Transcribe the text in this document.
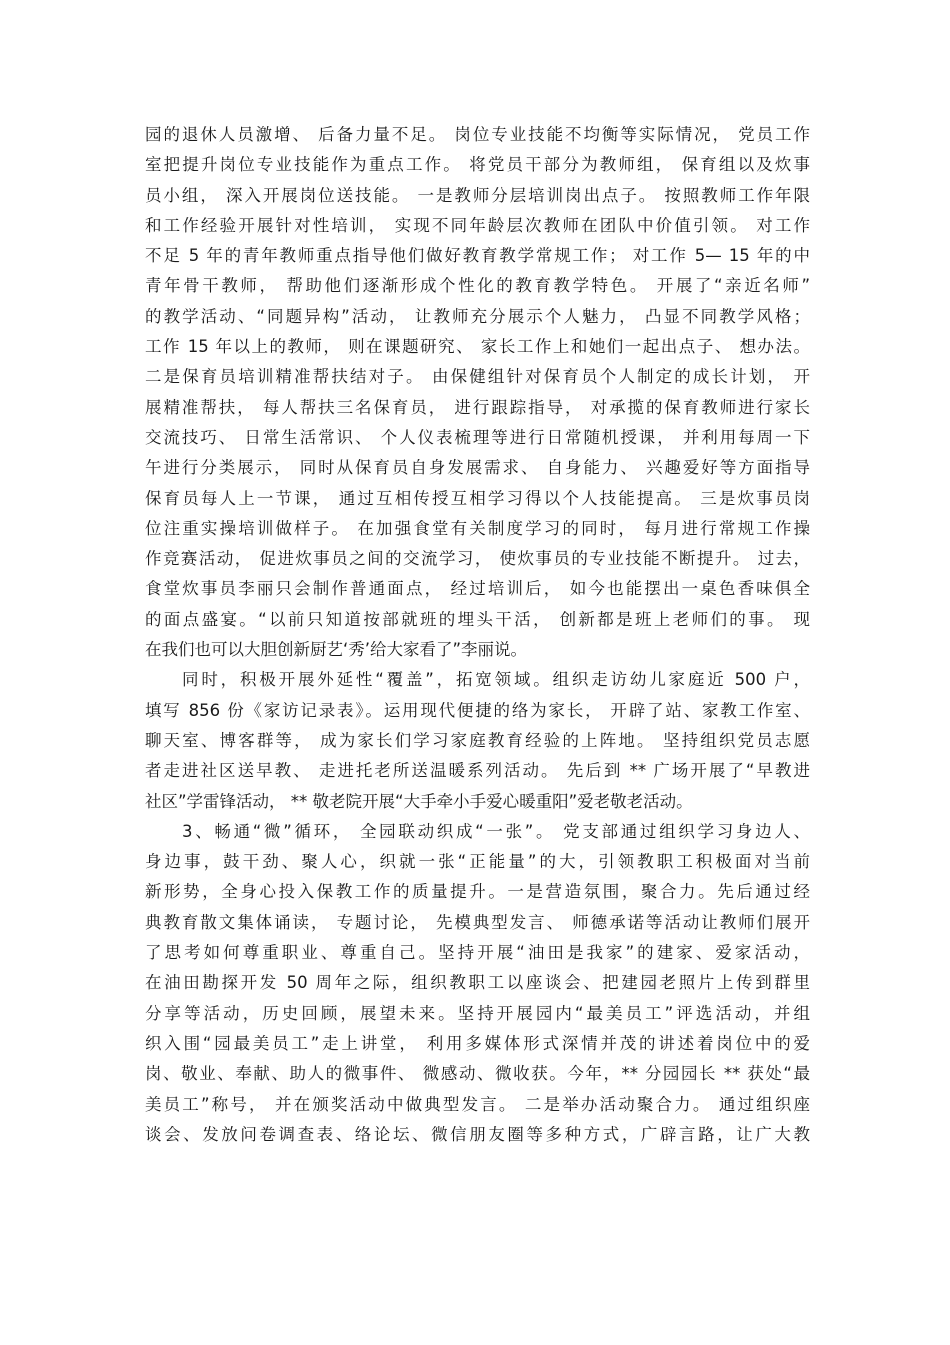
园的退休人员激增、 后备力量不足。 岗位专业技能不均衡等实际情况， 党员工作
室把提升岗位专业技能作为重点工作。 将党员干部分为教师组， 保育组以及炊事
员小组， 深入开展岗位送技能。 一是教师分层培训岗出点子。 按照教师工作年限
和工作经验开展针对性培训， 实现不同年龄层次教师在团队中价值引领。 对工作
不足 5 年的青年教师重点指导他们做好教育教学常规工作； 对工作 5— 15 年的中
青年骨干教师， 帮助他们逐渐形成个性化的教育教学特色。 开展了“亲近名师”
的教学活动、“同题异构”活动， 让教师充分展示个人魅力， 凸显不同教学风格；
工作 15 年以上的教师， 则在课题研究、 家长工作上和她们一起出点子、 想办法。
二是保育员培训精准帮扶结对子。 由保健组针对保育员个人制定的成长计划， 开
展精准帮扶， 每人帮扶三名保育员， 进行跟踪指导， 对承揽的保育教师进行家长
交流技巧、 日常生活常识、 个人仪表梳理等进行日常随机授课， 并利用每周一下
午进行分类展示， 同时从保育员自身发展需求、 自身能力、 兴趣爱好等方面指导
保育员每人上一节课， 通过互相传授互相学习得以个人技能提高。 三是炊事员岗
位注重实操培训做样子。 在加强食堂有关制度学习的同时， 每月进行常规工作操
作竞赛活动， 促进炊事员之间的交流学习， 使炊事员的专业技能不断提升。 过去，
食堂炊事员李丽只会制作普通面点， 经过培训后， 如今也能摆出一桌色香味俱全
的面点盛宴。“以前只知道按部就班的埋头干活， 创新都是班上老师们的事。 现
在我们也可以大胆创新厨艺‘秀’给大家看了”李丽说。
同时，积极开展外延性“覆盖”，拓宽领域。组织走访幼儿家庭近 500 户，
填写 856 份《家访记录表》。运用现代便捷的络为家长， 开辟了站、家教工作室、
聊天室、博客群等， 成为家长们学习家庭教育经验的上阵地。 坚持组织党员志愿
者走进社区送早教、 走进托老所送温暖系列活动。 先后到 ** 广场开展了“早教进
社区”学雷锋活动， ** 敬老院开展“大手牵小手爱心暖重阳”爱老敬老活动。
3、畅通“微”循环， 全园联动织成“一张”。 党支部通过组织学习身边人、
身边事，鼓干劲、聚人心，织就一张“正能量”的大，引领教职工积极面对当前
新形势，全身心投入保教工作的质量提升。一是营造氛围，聚合力。先后通过经
典教育散文集体诵读， 专题讨论， 先模典型发言、 师德承诺等活动让教师们展开
了思考如何尊重职业、尊重自己。坚持开展“油田是我家”的建家、爱家活动，
在油田勘探开发 50 周年之际，组织教职工以座谈会、把建园老照片上传到群里
分享等活动，历史回顾，展望未来。坚持开展园内“最美员工”评选活动，并组
织入围“园最美员工”走上讲堂， 利用多媒体形式深情并茂的讲述着岗位中的爱
岗、敬业、奉献、助人的微事件、 微感动、微收获。今年，** 分园园长 ** 获处“最
美员工”称号， 并在颁奖活动中做典型发言。 二是举办活动聚合力。 通过组织座
谈会、发放问卷调查表、络论坛、微信朋友圈等多种方式，广辟言路，让广大教
